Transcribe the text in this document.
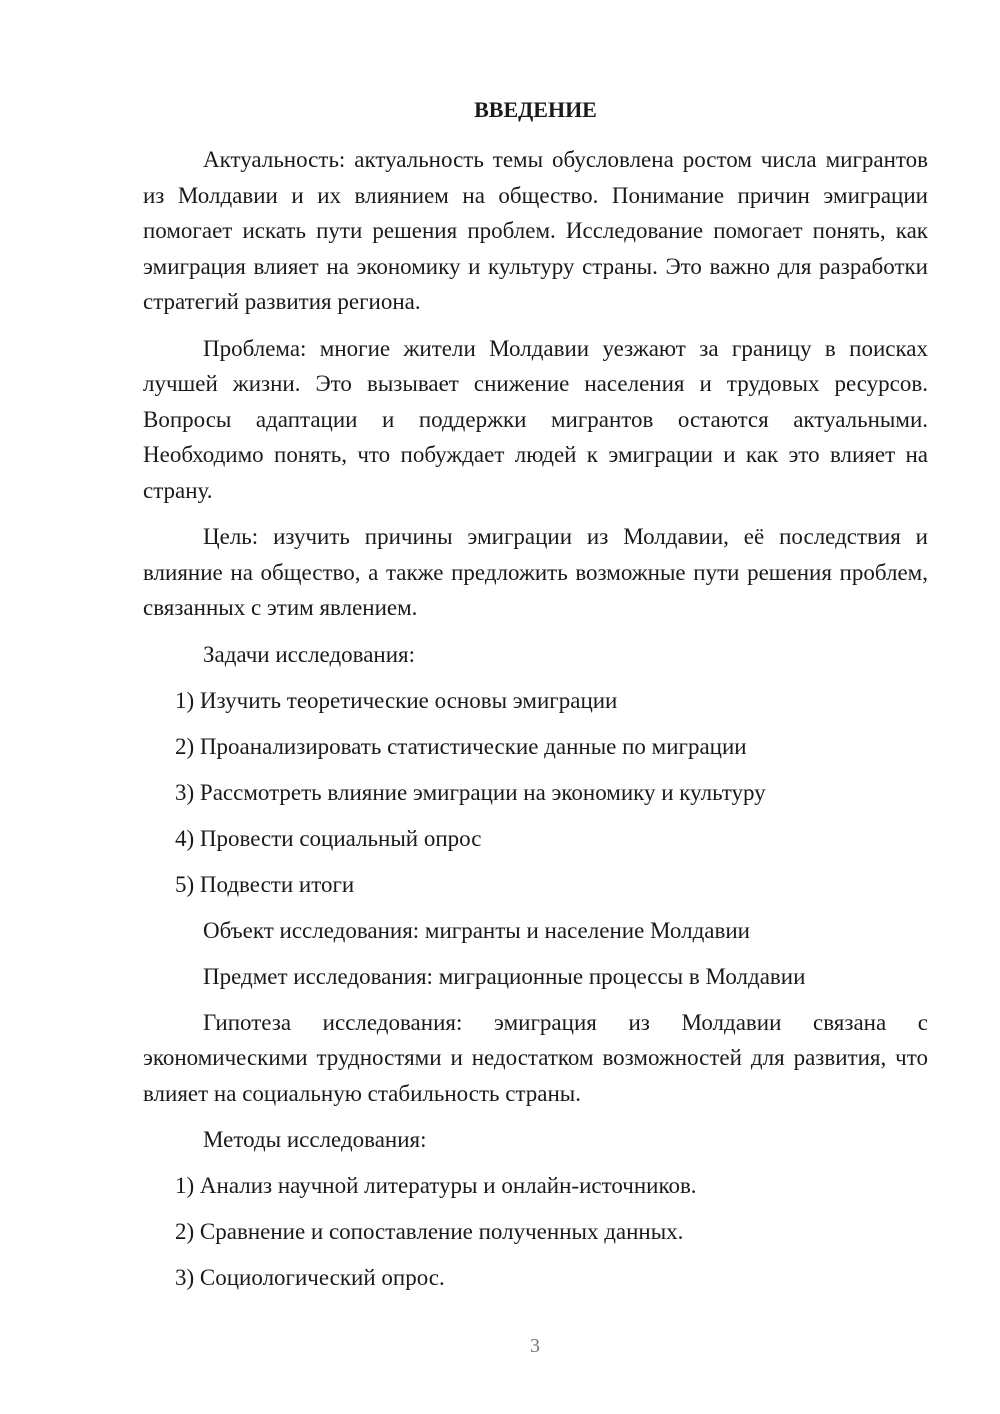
ВВЕДЕНИЕ

Актуальность: актуальность темы обусловлена ростом числа мигрантов из Молдавии и их влиянием на общество. Понимание причин эмиграции помогает искать пути решения проблем. Исследование помогает понять, как эмиграция влияет на экономику и культуру страны. Это важно для разработки стратегий развития региона.

Проблема: многие жители Молдавии уезжают за границу в поисках лучшей жизни. Это вызывает снижение населения и трудовых ресурсов. Вопросы адаптации и поддержки мигрантов остаются актуальными. Необходимо понять, что побуждает людей к эмиграции и как это влияет на страну.

Цель: изучить причины эмиграции из Молдавии, её последствия и влияние на общество, а также предложить возможные пути решения проблем, связанных с этим явлением.

Задачи исследования:
1) Изучить теоретические основы эмиграции
2) Проанализировать статистические данные по миграции
3) Рассмотреть влияние эмиграции на экономику и культуру
4) Провести социальный опрос
5) Подвести итоги
Объект исследования: мигранты и население Молдавии
Предмет исследования: миграционные процессы в Молдавии

Гипотеза исследования: эмиграция из Молдавии связана с экономическими трудностями и недостатком возможностей для развития, что влияет на социальную стабильность страны.

Методы исследования:
1) Анализ научной литературы и онлайн-источников.
2) Сравнение и сопоставление полученных данных.
3) Социологический опрос.
3
